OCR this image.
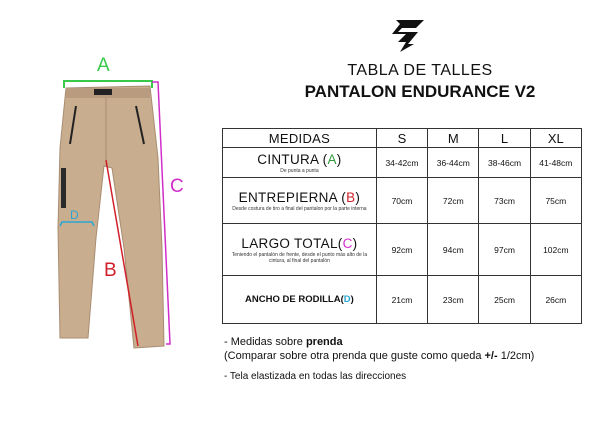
TABLA DE TALLES
PANTALON ENDURANCE V2
A
C
B
D
MEDIDAS	S	M	L	XL

CINTURA (A)
De punta a punta	34-42cm	36-44cm	38-46cm	41-48cm

ENTREPIERNA (B)
Desde costura de tiro a final del pantalon por la parte interna	70cm	72cm	73cm	75cm

LARGO TOTAL(C)
Teniendo el pantalón de frente, desde el punto más alto de la cintura, al final del pantalón	92cm	94cm	97cm	102cm

ANCHO DE RODILLA(D)	21cm	23cm	25cm	26cm
- Medidas sobre prenda
(Comparar sobre otra prenda que guste como queda +/- 1/2cm)
- Tela elastizada en todas las direcciones
